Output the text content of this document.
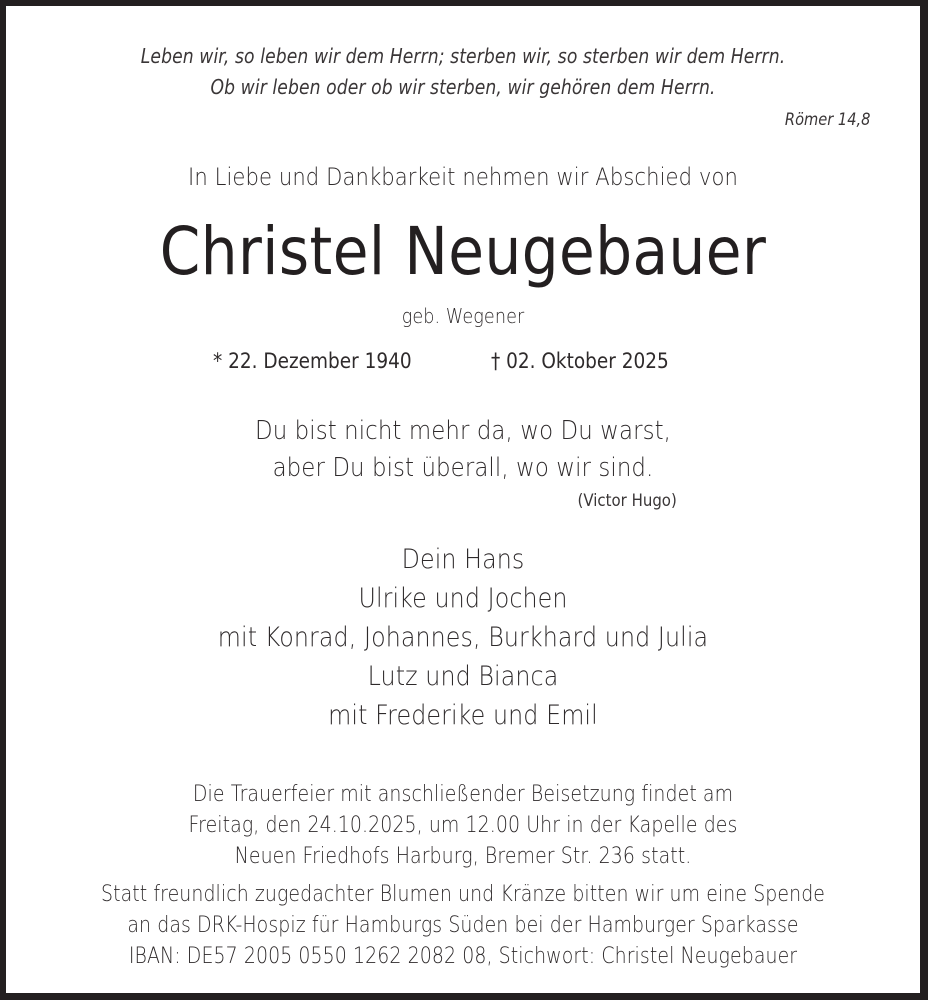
Leben wir, so leben wir dem Herrn; sterben wir, so sterben wir dem Herrn.
Ob wir leben oder ob wir sterben, wir gehören dem Herrn.
Römer 14,8
In Liebe und Dankbarkeit nehmen wir Abschied von
Christel Neugebauer
geb. Wegener
* 22. Dezember 1940	† 02. Oktober 2025
Du bist nicht mehr da, wo Du warst,
aber Du bist überall, wo wir sind.
(Victor Hugo)
Dein Hans
Ulrike und Jochen
mit Konrad, Johannes, Burkhard und Julia
Lutz und Bianca
mit Frederike und Emil
Die Trauerfeier mit anschließender Beisetzung findet am
Freitag, den 24.10.2025, um 12.00 Uhr in der Kapelle des
Neuen Friedhofs Harburg, Bremer Str. 236 statt.
Statt freundlich zugedachter Blumen und Kränze bitten wir um eine Spende
an das DRK-Hospiz für Hamburgs Süden bei der Hamburger Sparkasse
IBAN: DE57 2005 0550 1262 2082 08, Stichwort: Christel Neugebauer
